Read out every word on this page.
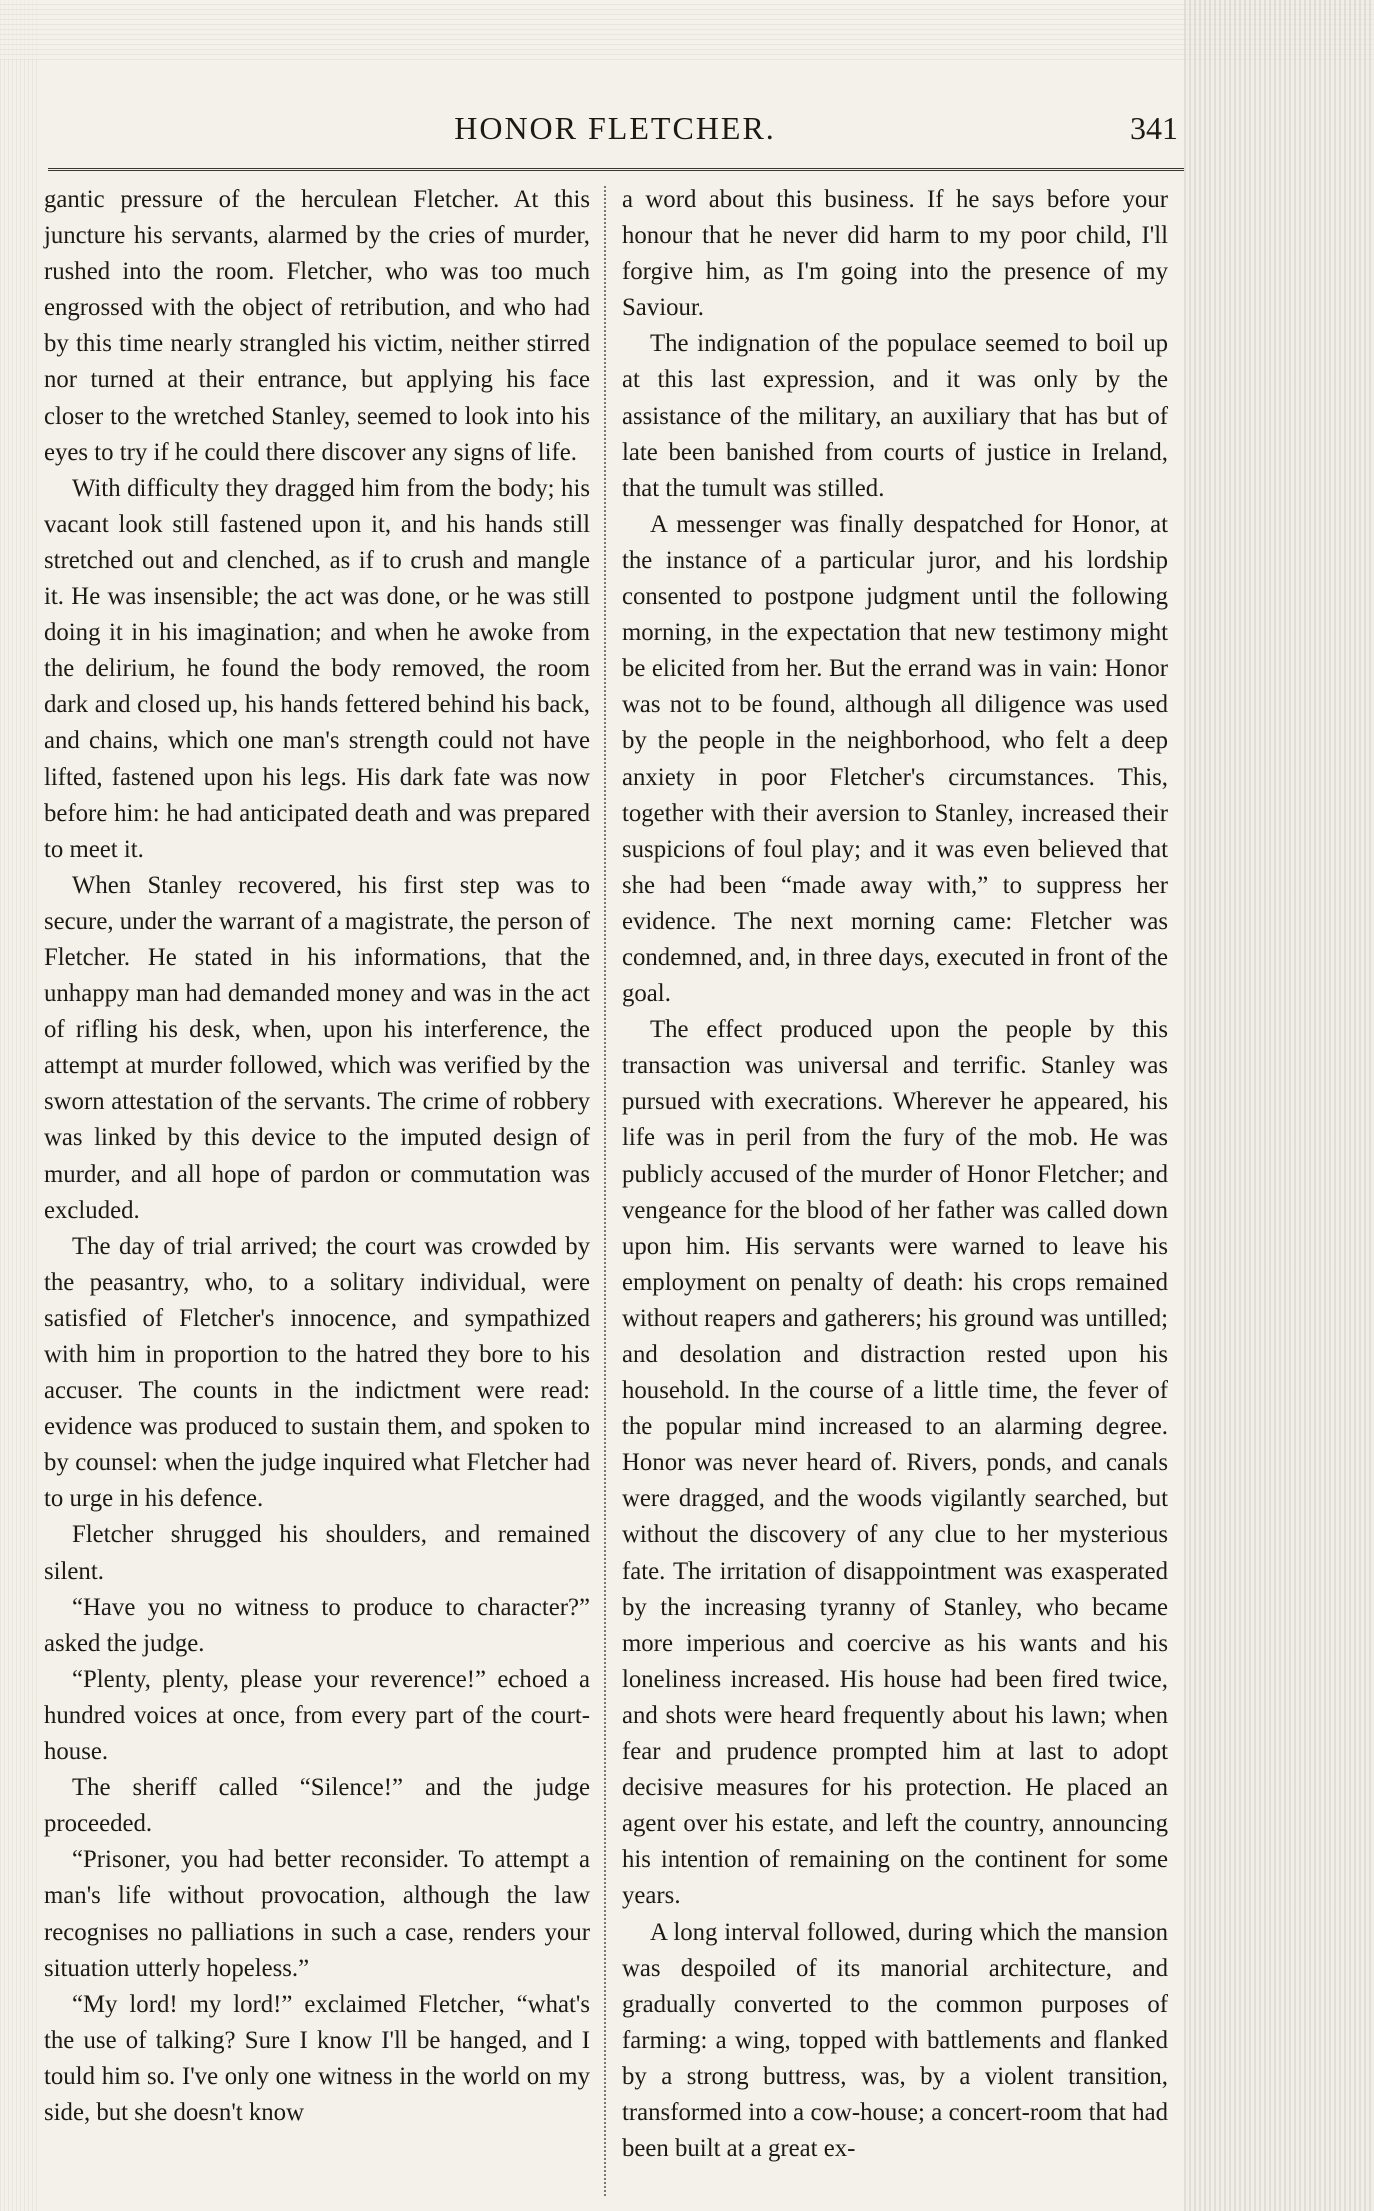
HONOR FLETCHER.	341

gantic pressure of the herculean Fletcher. At this juncture his servants, alarmed by the cries of murder, rushed into the room. Fletcher, who was too much engrossed with the object of retribution, and who had by this time nearly strangled his victim, neither stirred nor turned at their entrance, but applying his face closer to the wretched Stanley, seemed to look into his eyes to try if he could there discover any signs of life.

With difficulty they dragged him from the body; his vacant look still fastened upon it, and his hands still stretched out and clenched, as if to crush and mangle it. He was insensible; the act was done, or he was still doing it in his imagination; and when he awoke from the delirium, he found the body removed, the room dark and closed up, his hands fettered behind his back, and chains, which one man's strength could not have lifted, fastened upon his legs. His dark fate was now before him: he had anticipated death and was prepared to meet it.

When Stanley recovered, his first step was to secure, under the warrant of a magistrate, the person of Fletcher. He stated in his informations, that the unhappy man had demanded money and was in the act of rifling his desk, when, upon his interference, the attempt at murder followed, which was verified by the sworn attestation of the servants. The crime of robbery was linked by this device to the imputed design of murder, and all hope of pardon or commutation was excluded.

The day of trial arrived; the court was crowded by the peasantry, who, to a solitary individual, were satisfied of Fletcher's innocence, and sympathized with him in proportion to the hatred they bore to his accuser. The counts in the indictment were read: evidence was produced to sustain them, and spoken to by counsel: when the judge inquired what Fletcher had to urge in his defence.

Fletcher shrugged his shoulders, and remained silent.

“Have you no witness to produce to character?” asked the judge.

“Plenty, plenty, please your reverence!” echoed a hundred voices at once, from every part of the court-house.

The sheriff called “Silence!” and the judge proceeded.

“Prisoner, you had better reconsider. To attempt a man's life without provocation, although the law recognises no palliations in such a case, renders your situation utterly hopeless.”

“My lord! my lord!” exclaimed Fletcher, “what's the use of talking? Sure I know I'll be hanged, and I tould him so. I've only one witness in the world on my side, but she doesn't know

a word about this business. If he says before your honour that he never did harm to my poor child, I'll forgive him, as I'm going into the presence of my Saviour.

The indignation of the populace seemed to boil up at this last expression, and it was only by the assistance of the military, an auxiliary that has but of late been banished from courts of justice in Ireland, that the tumult was stilled.

A messenger was finally despatched for Honor, at the instance of a particular juror, and his lordship consented to postpone judgment until the following morning, in the expectation that new testimony might be elicited from her. But the errand was in vain: Honor was not to be found, although all diligence was used by the people in the neighborhood, who felt a deep anxiety in poor Fletcher's circumstances. This, together with their aversion to Stanley, increased their suspicions of foul play; and it was even believed that she had been “made away with,” to suppress her evidence. The next morning came: Fletcher was condemned, and, in three days, executed in front of the goal.

The effect produced upon the people by this transaction was universal and terrific. Stanley was pursued with execrations. Wherever he appeared, his life was in peril from the fury of the mob. He was publicly accused of the murder of Honor Fletcher; and vengeance for the blood of her father was called down upon him. His servants were warned to leave his employment on penalty of death: his crops remained without reapers and gatherers; his ground was untilled; and desolation and distraction rested upon his household. In the course of a little time, the fever of the popular mind increased to an alarming degree. Honor was never heard of. Rivers, ponds, and canals were dragged, and the woods vigilantly searched, but without the discovery of any clue to her mysterious fate. The irritation of disappointment was exasperated by the increasing tyranny of Stanley, who became more imperious and coercive as his wants and his loneliness increased. His house had been fired twice, and shots were heard frequently about his lawn; when fear and prudence prompted him at last to adopt decisive measures for his protection. He placed an agent over his estate, and left the country, announcing his intention of remaining on the continent for some years.

A long interval followed, during which the mansion was despoiled of its manorial architecture, and gradually converted to the common purposes of farming: a wing, topped with battlements and flanked by a strong buttress, was, by a violent transition, transformed into a cow-house; a concert-room that had been built at a great ex-
